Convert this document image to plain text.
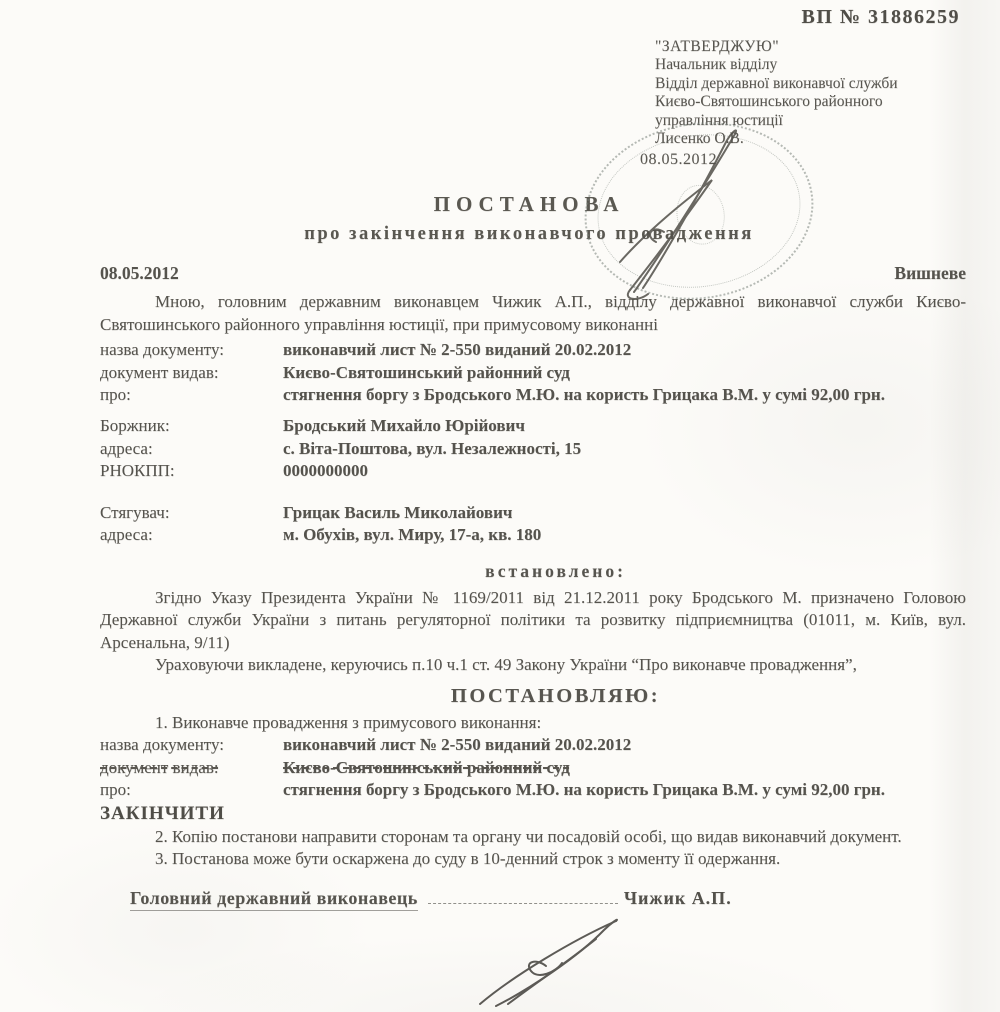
ВП № 31886259
"ЗАТВЕРДЖУЮ"
Начальник відділу
Відділ державної виконавчої служби
Києво-Святошинського районного
управління юстиції
Лисенко О.В.
08.05.2012
ПОСТАНОВА
про закінчення виконавчого провадження
08.05.2012	Вишневе

Мною, головним державним виконавцем Чижик А.П., відділу державної виконавчої служби Києво-Святошинського районного управління юстиції, при примусовому виконанні

назва документу:	виконавчий лист № 2-550 виданий 20.02.2012
документ видав:	Києво-Святошинський районний суд
про:	стягнення боргу з Бродського М.Ю. на користь Грицака В.М. у сумі 92,00 грн.
Боржник:	Бродський Михайло Юрійович
адреса:	с. Віта-Поштова, вул. Незалежності, 15
РНОКПП:	0000000000
Стягувач:	Грицак Василь Миколайович
адреса:	м. Обухів, вул. Миру, 17-а, кв. 180
встановлено:

Згідно Указу Президента України № 1169/2011 від 21.12.2011 року Бродського М. призначено Головою Державної служби України з питань регуляторної політики та розвитку підприємництва (01011, м. Київ, вул. Арсенальна, 9/11)

Ураховуючи викладене, керуючись п.10 ч.1 ст. 49 Закону України “Про виконавче провадження”,

ПОСТАНОВЛЯЮ:

1. Виконавче провадження з примусового виконання:

назва документу:	виконавчий лист № 2-550 виданий 20.02.2012
документ видав:	Києво-Святошинський районний суд
про:	стягнення боргу з Бродського М.Ю. на користь Грицака В.М. у сумі 92,00 грн.
ЗАКІНЧИТИ

2. Копію постанови направити сторонам та органу чи посадовій особі, що видав виконавчий документ.

3. Постанова може бути оскаржена до суду в 10-денний строк з моменту її одержання.

Головний державний виконавець	Чижик А.П.
